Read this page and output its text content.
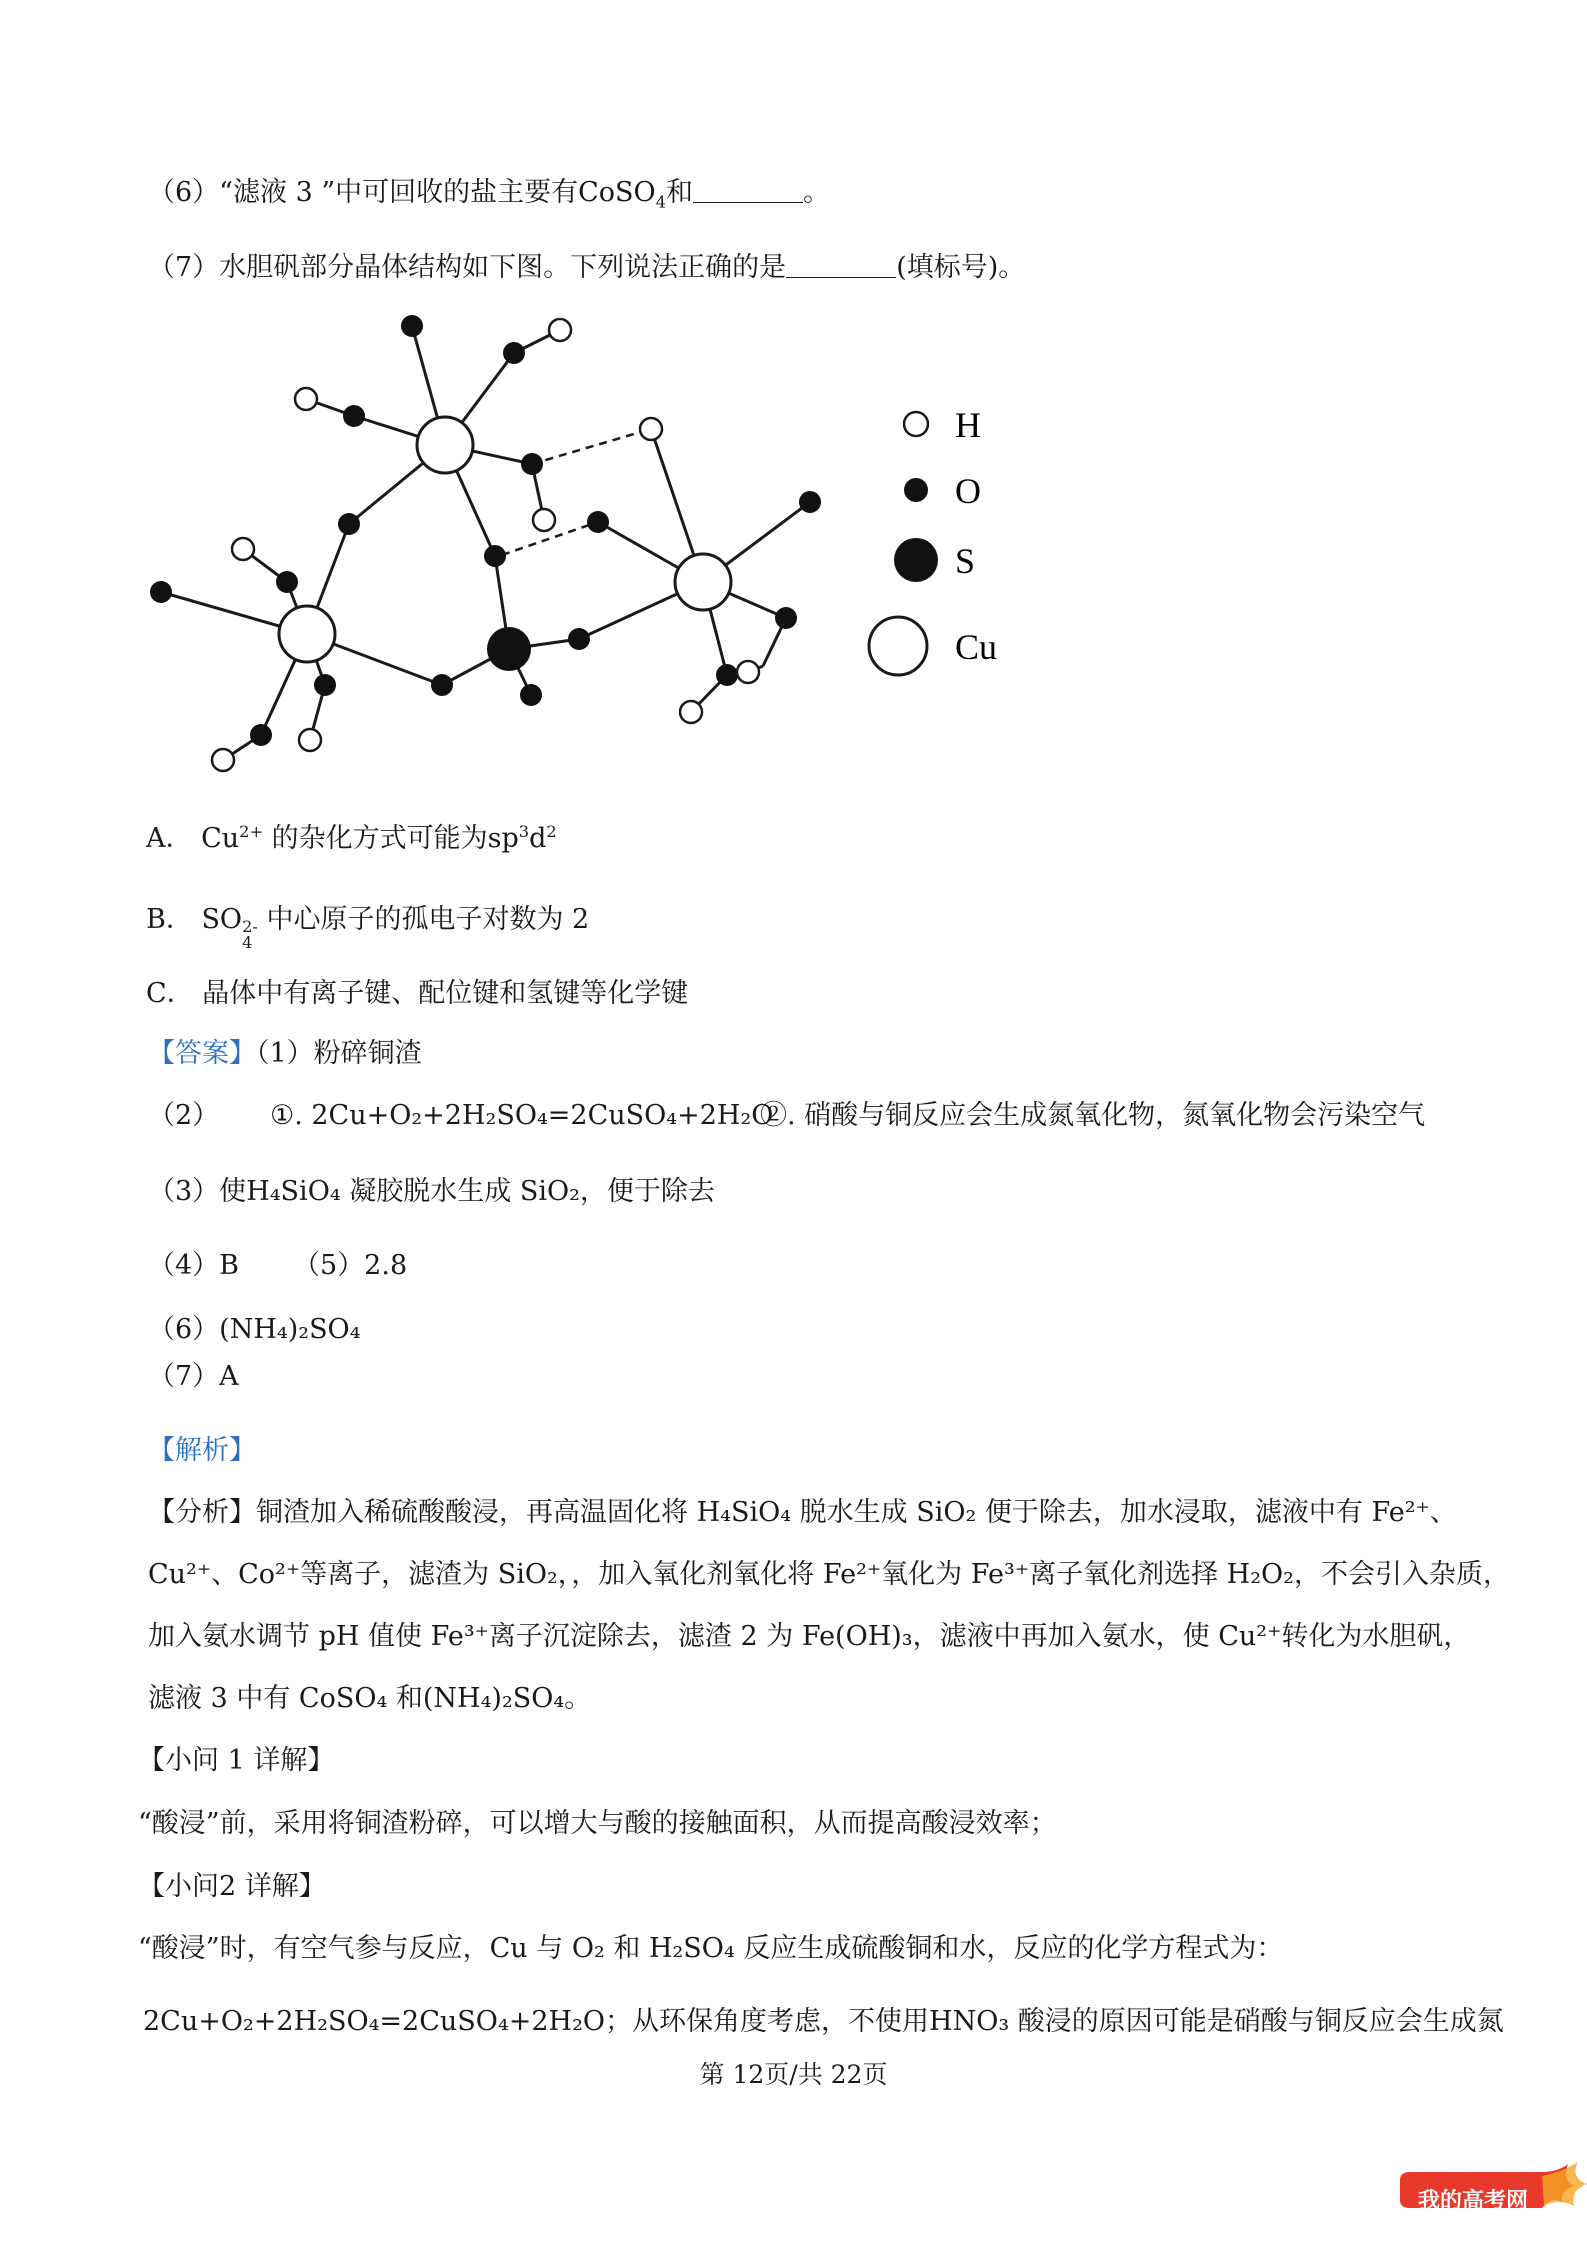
（6）“滤液 3 ”中可回收的盐主要有CoSO$_4$和	。
（7）水胆矾部分晶体结构如下图。下列说法正确的是	(填标号)。
H
O
S
Cu
A． $Cu^{2+}$ 的杂化方式可能为$sp^3d^2$
B． SO 2-
4
中心原子的孤电子对数为 2
C． 晶体中有离子键、配位键和氢键等化学键
【答案】（1）粉碎铜渣
（2） ①. 2Cu+O₂+2H₂SO₄=2CuSO₄+2H₂O
②. 硝酸与铜反应会生成氮氧化物，氮氧化物会污染空气
（3）使H₄SiO₄ 凝胶脱水生成 SiO₂，便于除去
（4）B （5）2.8
（6）(NH₄)₂SO₄
（7）A
【解析】
【分析】铜渣加入稀硫酸酸浸，再高温固化将 H₄SiO₄ 脱水生成 SiO₂ 便于除去，加水浸取，滤液中有 Fe²⁺、
Cu²⁺、Co²⁺等离子，滤渣为 SiO₂，，加入氧化剂氧化将 Fe²⁺氧化为 Fe³⁺离子氧化剂选择 H₂O₂，不会引入杂质，
加入氨水调节 pH 值使 Fe³⁺离子沉淀除去，滤渣 2 为 Fe(OH)₃，滤液中再加入氨水，使 Cu²⁺转化为水胆矾，
滤液 3 中有 CoSO₄ 和(NH₄)₂SO₄。
【小问 1 详解】
“酸浸”前，采用将铜渣粉碎，可以增大与酸的接触面积，从而提高酸浸效率；
【小问2 详解】
“酸浸”时，有空气参与反应，Cu 与 O₂ 和 H₂SO₄ 反应生成硫酸铜和水，反应的化学方程式为：
2Cu+O₂+2H₂SO₄=2CuSO₄+2H₂O；从环保角度考虑，不使用HNO₃ 酸浸的原因可能是硝酸与铜反应会生成氮
第 12页/共 22页
我的高考网
